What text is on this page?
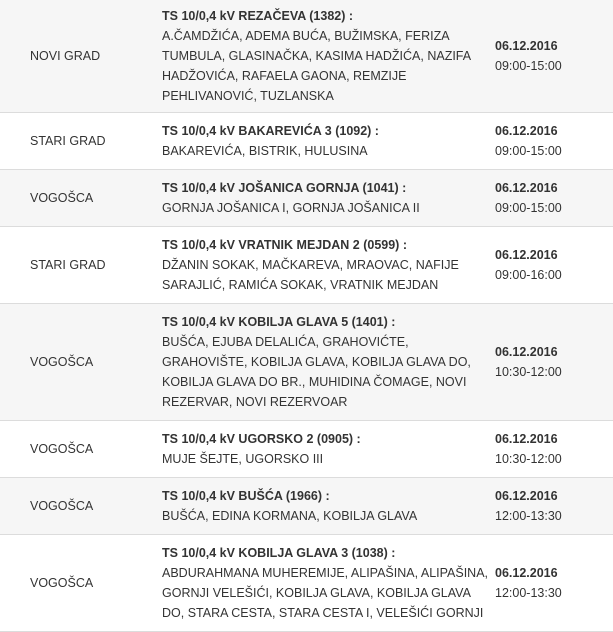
NOVI GRAD	TS 10/0,4 kV REZAČEVA (1382) :
A.ČAMDŽIĆA, ADEMA BUĆA, BUŽIMSKA, FERIZA TUMBULA, GLASINAČKA, KASIMA HADŽIĆA, NAZIFA HADŽOVIĆA, RAFAELA GAONA, REMZIJE PEHLIVANOVIĆ, TUZLANSKA	06.12.2016
09:00-15:00

STARI GRAD	TS 10/0,4 kV BAKAREVIĆA 3 (1092) :
BAKAREVIĆA, BISTRIK, HULUSINA	06.12.2016
09:00-15:00

VOGOŠCA	TS 10/0,4 kV JOŠANICA GORNJA (1041) :
GORNJA JOŠANICA I, GORNJA JOŠANICA II	06.12.2016
09:00-15:00

STARI GRAD	TS 10/0,4 kV VRATNIK MEJDAN 2 (0599) :
DŽANIN SOKAK, MAČKAREVA, MRAOVAC, NAFIJE SARAJLIĆ, RAMIĆA SOKAK, VRATNIK MEJDAN	06.12.2016
09:00-16:00

VOGOŠCA	TS 10/0,4 kV KOBILJA GLAVA 5 (1401) :
BUŠĆA, EJUBA DELALIĆA, GRAHOVIĆTE, GRAHOVIŠTE, KOBILJA GLAVA, KOBILJA GLAVA DO, KOBILJA GLAVA DO BR., MUHIDINA ČOMAGE, NOVI REZERVAR, NOVI REZERVOAR	06.12.2016
10:30-12:00

VOGOŠCA	TS 10/0,4 kV UGORSKO 2 (0905) :
MUJE ŠEJTE, UGORSKO III	06.12.2016
10:30-12:00

VOGOŠCA	TS 10/0,4 kV BUŠĆA (1966) :
BUŠĆA, EDINA KORMANA, KOBILJA GLAVA	06.12.2016
12:00-13:30

VOGOŠCA	TS 10/0,4 kV KOBILJA GLAVA 3 (1038) :
ABDURAHMANA MUHEREMIJE, ALIPAŠINA, ALIPAŠINA, GORNJI VELEŠIĆI, KOBILJA GLAVA, KOBILJA GLAVA DO, STARA CESTA, STARA CESTA I, VELEŠIĆI GORNJI	06.12.2016
12:00-13:30
